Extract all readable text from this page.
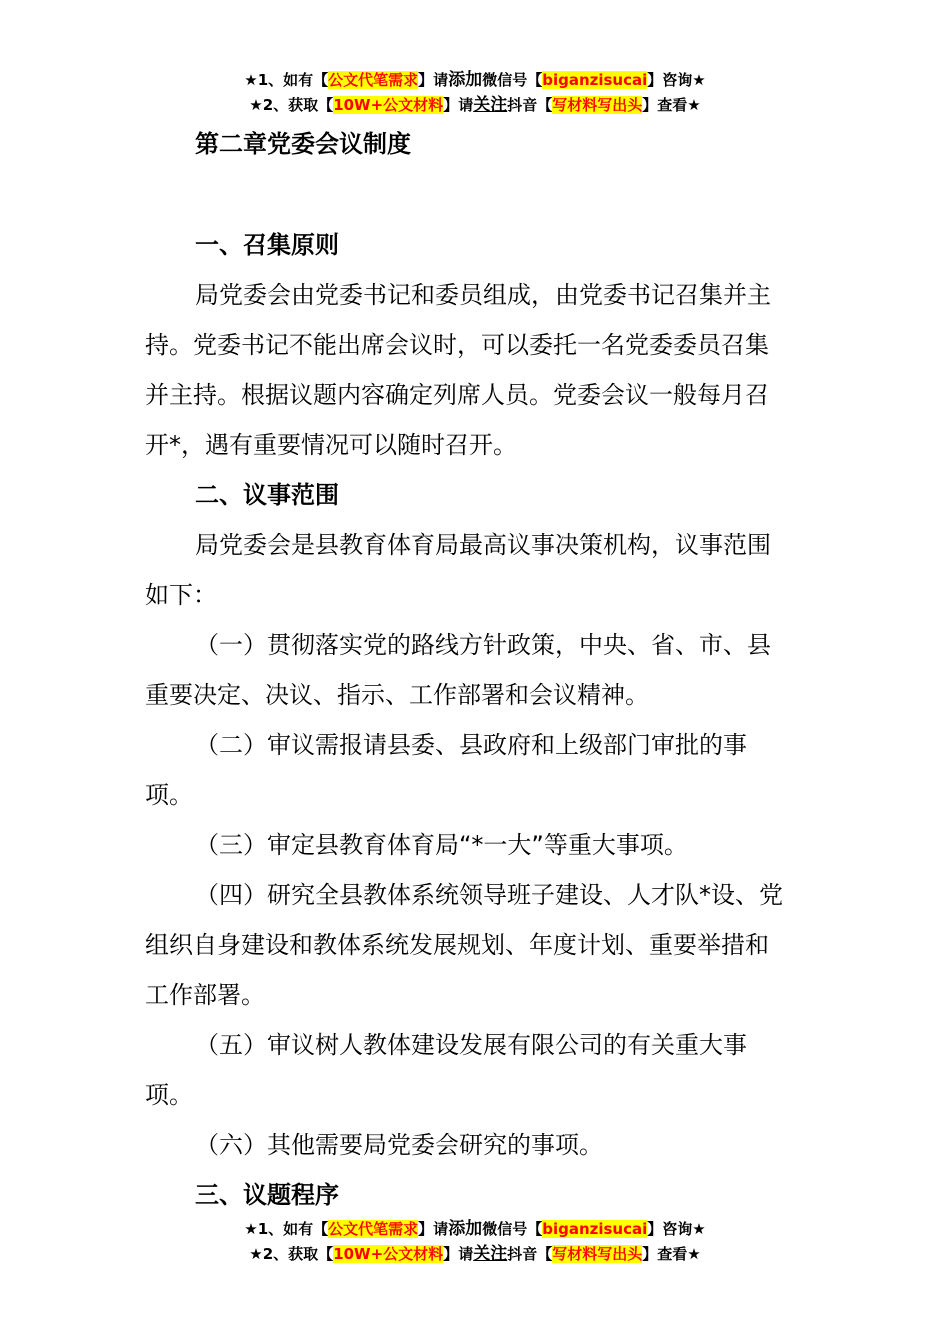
★1、如有【公文代笔需求】请添加微信号【biganzisucai】咨询★
★2、获取【10W+公文材料】请关注抖音【写材料写出头】查看★
第二章党委会议制度
一、召集原则

局党委会由党委书记和委员组成，由党委书记召集并主持。党委书记不能出席会议时，可以委托一名党委委员召集并主持。根据议题内容确定列席人员。党委会议一般每月召开*，遇有重要情况可以随时召开。

二、议事范围

局党委会是县教育体育局最高议事决策机构，议事范围如下：

（一）贯彻落实党的路线方针政策，中央、省、市、县重要决定、决议、指示、工作部署和会议精神。

（二）审议需报请县委、县政府和上级部门审批的事项。

（三）审定县教育体育局“*一大”等重大事项。

（四）研究全县教体系统领导班子建设、人才队*设、党组织自身建设和教体系统发展规划、年度计划、重要举措和工作部署。

（五）审议树人教体建设发展有限公司的有关重大事项。

（六）其他需要局党委会研究的事项。

三、议题程序
★1、如有【公文代笔需求】请添加微信号【biganzisucai】咨询★
★2、获取【10W+公文材料】请关注抖音【写材料写出头】查看★
